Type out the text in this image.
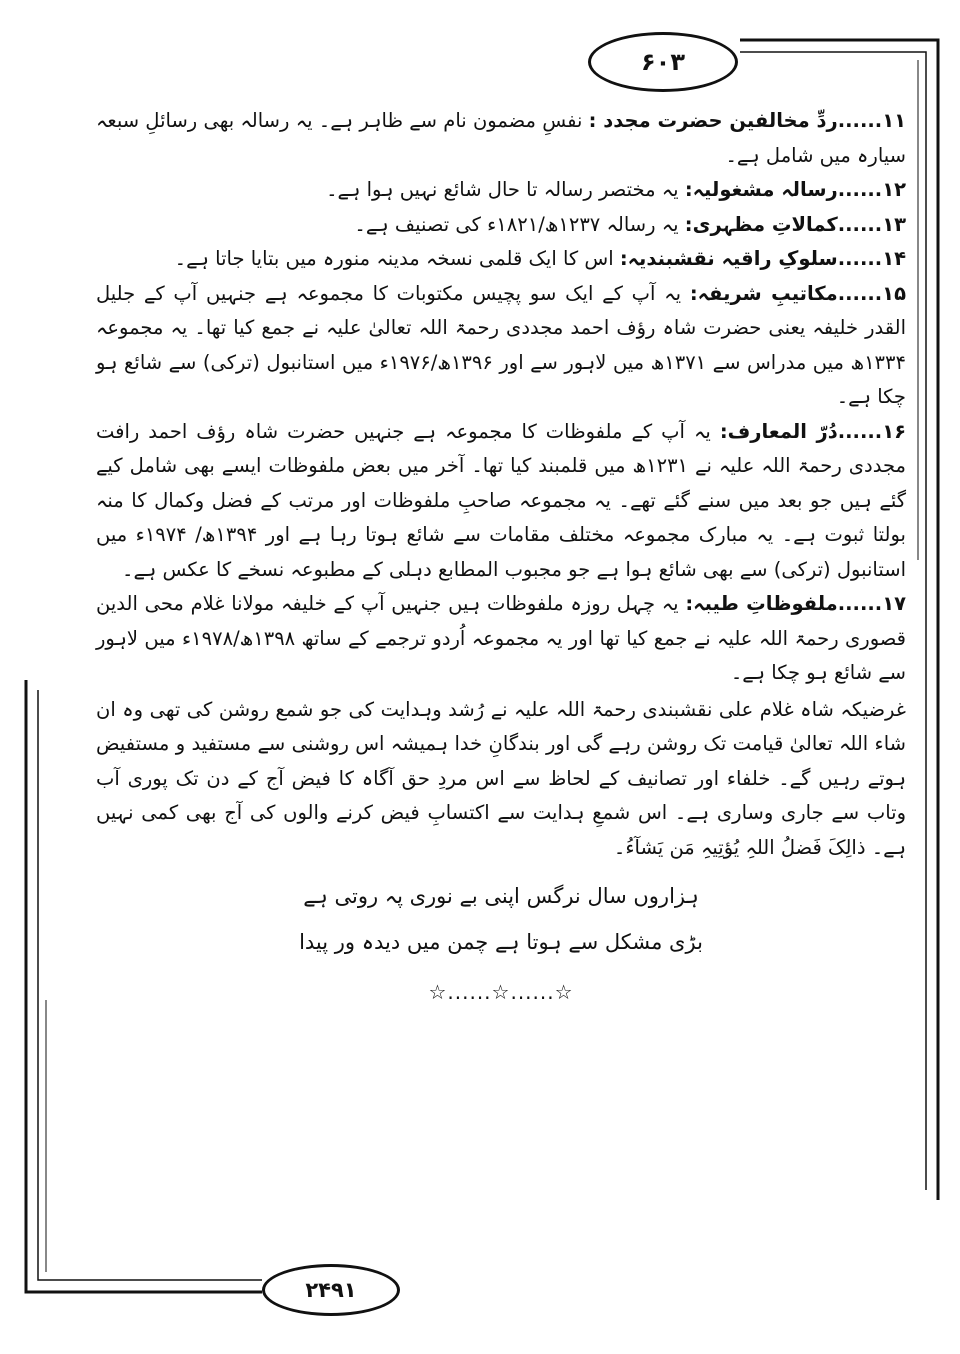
۶۰۳

۱۱......ردِّ مخالفین حضرت مجدد : نفسِ مضمون نام سے ظاہر ہے۔ یہ رسالہ بھی رسائلِ سبعہ سیارہ میں شامل ہے۔

۱۲......رسالہ مشغولیہ: یہ مختصر رسالہ تا حال شائع نہیں ہوا ہے۔

۱۳......کمالاتِ مظہری: یہ رسالہ ۱۲۳۷ھ/۱۸۲۱ء کی تصنیف ہے۔

۱۴......سلوکِ راقیہ نقشبندیہ: اس کا ایک قلمی نسخہ مدینہ منورہ میں بتایا جاتا ہے۔

۱۵......مکاتیبِ شریفہ: یہ آپ کے ایک سو پچیس مکتوبات کا مجموعہ ہے جنہیں آپ کے جلیل القدر خلیفہ یعنی حضرت شاہ رؤف احمد مجددی رحمۃ اللہ تعالیٰ علیہ نے جمع کیا تھا۔ یہ مجموعہ ۱۳۳۴ھ میں مدراس سے ۱۳۷۱ھ میں لاہور سے اور ۱۳۹۶ھ/۱۹۷۶ء میں استانبول (ترکی) سے شائع ہو چکا ہے۔

۱۶......دُرّ المعارف: یہ آپ کے ملفوظات کا مجموعہ ہے جنہیں حضرت شاہ رؤف احمد رافت مجددی رحمۃ اللہ علیہ نے ۱۲۳۱ھ میں قلمبند کیا تھا۔ آخر میں بعض ملفوظات ایسے بھی شامل کیے گئے ہیں جو بعد میں سنے گئے تھے۔ یہ مجموعہ صاحبِ ملفوظات اور مرتب کے فضل وکمال کا منہ بولتا ثبوت ہے۔ یہ مبارک مجموعہ مختلف مقامات سے شائع ہوتا رہا ہے اور ۱۳۹۴ھ/ ۱۹۷۴ء میں استانبول (ترکی) سے بھی شائع ہوا ہے جو مجبوب المطابع دہلی کے مطبوعہ نسخے کا عکس ہے۔

۱۷......ملفوظاتِ طیبہ: یہ چہل روزہ ملفوظات ہیں جنہیں آپ کے خلیفہ مولانا غلام محی الدین قصوری رحمۃ اللہ علیہ نے جمع کیا تھا اور یہ مجموعہ اُردو ترجمے کے ساتھ ۱۳۹۸ھ/۱۹۷۸ء میں لاہور سے شائع ہو چکا ہے۔

غرضیکہ شاہ غلام علی نقشبندی رحمۃ اللہ علیہ نے رُشد وہدایت کی جو شمع روشن کی تھی وہ ان شاء اللہ تعالیٰ قیامت تک روشن رہے گی اور بندگانِ خدا ہمیشہ اس روشنی سے مستفید و مستفیض ہوتے رہیں گے۔ خلفاء اور تصانیف کے لحاظ سے اس مردِ حق آگاہ کا فیض آج کے دن تک پوری آب وتاب سے جاری وساری ہے۔ اس شمعِ ہدایت سے اکتسابِ فیض کرنے والوں کی آج بھی کمی نہیں ہے۔ ذالِکَ فَضلُ اللہِ یُؤتِیہِ مَن یَشآءُ۔

ہزاروں سال نرگس اپنی بے نوری پہ روتی ہے
بڑی مشکل سے ہوتا ہے چمن میں دیدہ ور پیدا
☆......☆......☆
۲۴۹۱
